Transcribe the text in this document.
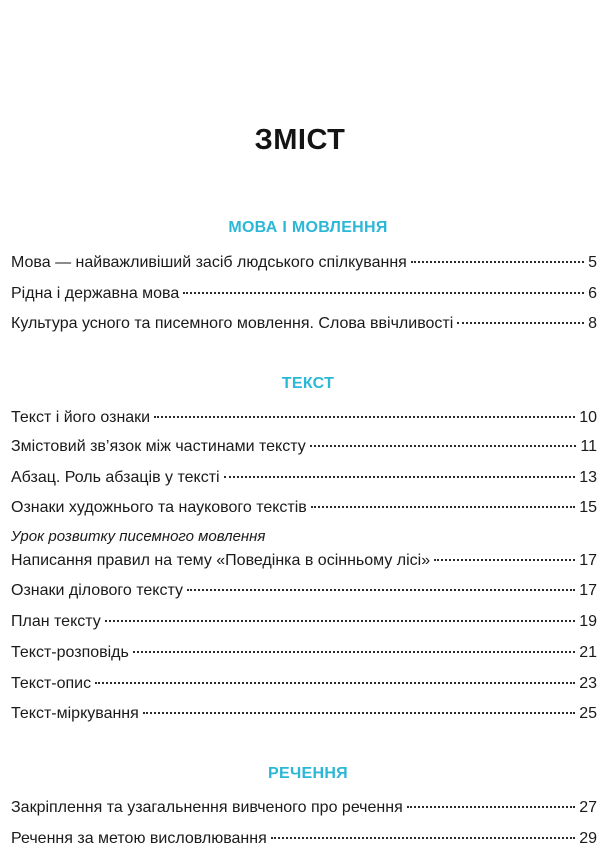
ЗМІСТ
МОВА І МОВЛЕННЯ
Мова — найважливіший засіб людського спілкування	5
Рідна і державна мова	6
Культура усного та писемного мовлення. Слова ввічливості	8
ТЕКСТ
Текст і його ознаки	10
Змістовий зв’язок між частинами тексту	11
Абзац. Роль абзаців у тексті	13
Ознаки художнього та наукового текстів	15
Урок розвитку писемного мовлення
Написання правил на тему «Поведінка в осінньому лісі»	17
Ознаки ділового тексту	17
План тексту	19
Текст-розповідь	21
Текст-опис	23
Текст-міркування	25
РЕЧЕННЯ
Закріплення та узагальнення вивченого про речення	27
Речення за метою висловлювання	29
